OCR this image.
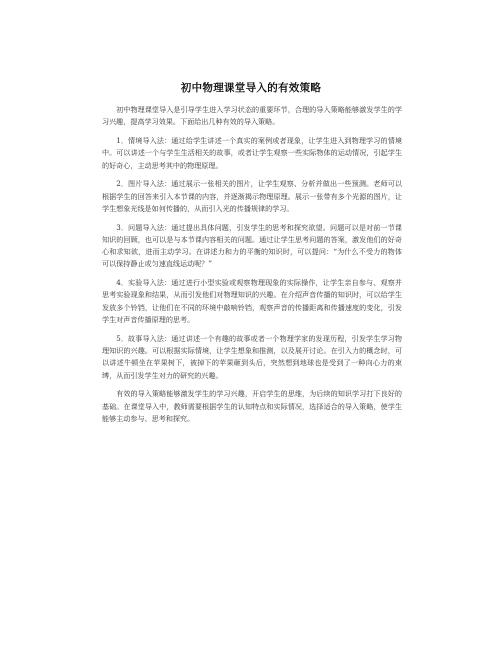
初中物理课堂导入的有效策略

初中物理课堂导入是引导学生进入学习状态的重要环节，合理的导入策略能够激发学生的学习兴趣，提高学习效果。下面给出几种有效的导入策略。

1．情境导入法：通过给学生讲述一个真实的案例或者现象，让学生进入到物理学习的情境中。可以讲述一个与学生生活相关的故事，或者让学生观察一些实际物体的运动情况，引起学生的好奇心，主动思考其中的物理原理。

2．图片导入法：通过展示一张相关的图片，让学生观察、分析并做出一些预测。老师可以根据学生的回答来引入本节课的内容，并逐渐揭示物理原理。展示一张带有多个光源的图片，让学生想象光线是如何传播的，从而引入光的传播规律的学习。

3．问题导入法：通过提出具体问题，引发学生的思考和探究欲望。问题可以是对前一节课知识的回顾，也可以是与本节课内容相关的问题。通过让学生思考问题的答案，激发他们的好奇心和求知欲，进而主动学习。在讲述力和力的平衡的知识时，可以提问：“为什么不受力的物体可以保持静止或匀速直线运动呢？”

4．实验导入法：通过进行小型实验或观察物理现象的实际操作，让学生亲自参与、观察并思考实验现象和结果，从而引发他们对物理知识的兴趣。在介绍声音传播的知识时，可以给学生发放多个铃铛，让他们在不同的环境中敲响铃铛，观察声音的传播距离和传播速度的变化，引发学生对声音传播原理的思考。

5．故事导入法：通过讲述一个有趣的故事或者一个物理学家的发现历程，引发学生学习物理知识的兴趣。可以根据实际情境，让学生想象和推测，以及展开讨论。在引入力的概念时，可以讲述牛顿坐在苹果树下，被掉下的苹果砸到头后，突然想到地球也是受到了一种向心力的束缚，从而引发学生对力的研究的兴趣。

有效的导入策略能够激发学生的学习兴趣，开启学生的思维，为后续的知识学习打下良好的基础。在课堂导入中，教师需要根据学生的认知特点和实际情况，选择适合的导入策略，使学生能够主动参与、思考和探究。
